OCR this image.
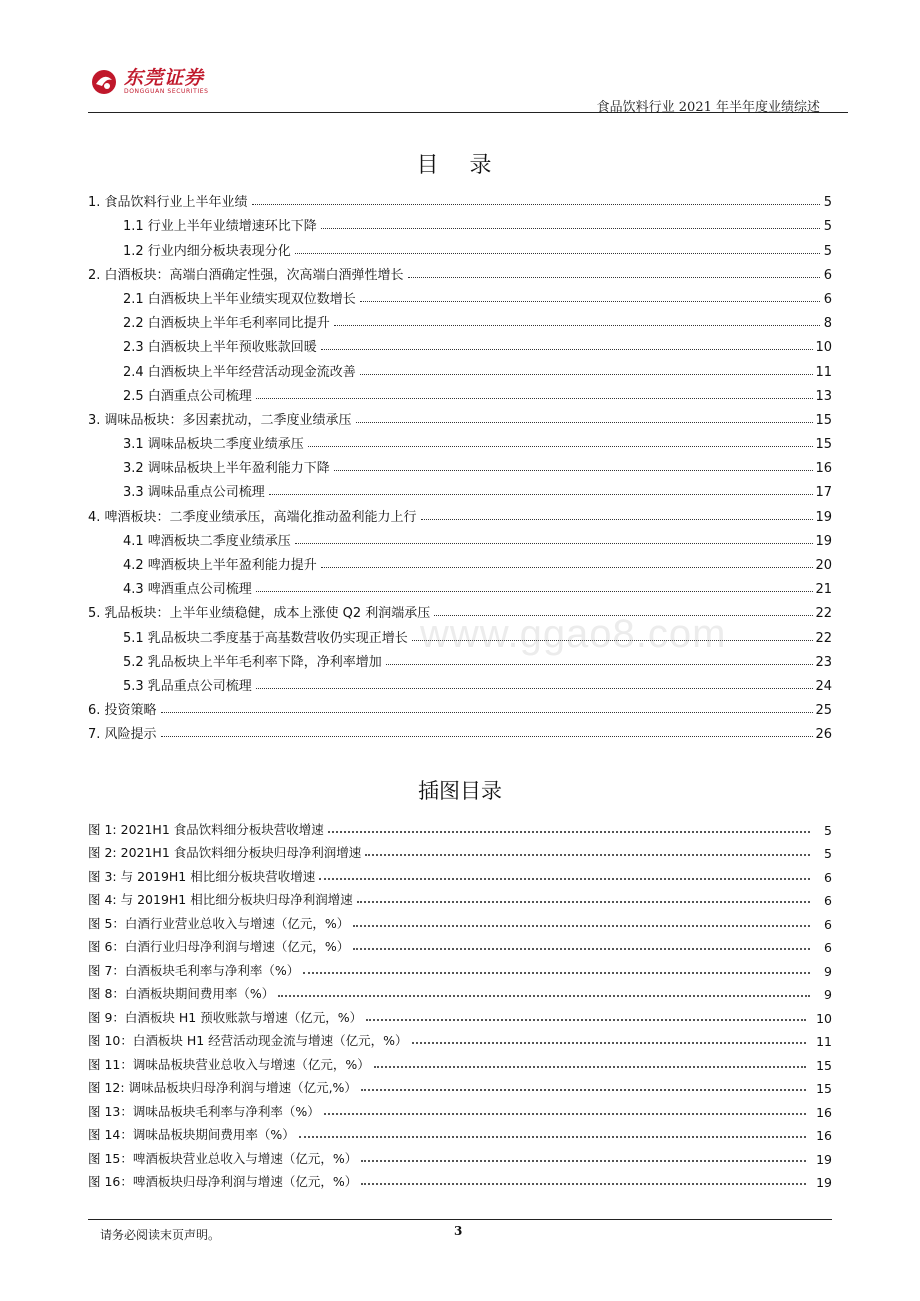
东莞证券
DONGGUAN SECURITIES
食品饮料行业 2021 年半年度业绩综述
目 录
1. 食品饮料行业上半年业绩	5
1.1 行业上半年业绩增速环比下降	5
1.2 行业内细分板块表现分化	5
2. 白酒板块：高端白酒确定性强，次高端白酒弹性增长	6
2.1 白酒板块上半年业绩实现双位数增长	6
2.2 白酒板块上半年毛利率同比提升	8
2.3 白酒板块上半年预收账款回暖	10
2.4 白酒板块上半年经营活动现金流改善	11
2.5 白酒重点公司梳理	13
3. 调味品板块：多因素扰动，二季度业绩承压	15
3.1 调味品板块二季度业绩承压	15
3.2 调味品板块上半年盈利能力下降	16
3.3 调味品重点公司梳理	17
4. 啤酒板块：二季度业绩承压，高端化推动盈利能力上行	19
4.1 啤酒板块二季度业绩承压	19
4.2 啤酒板块上半年盈利能力提升	20
4.3 啤酒重点公司梳理	21
5. 乳品板块：上半年业绩稳健，成本上涨使 Q2 利润端承压	22
5.1 乳品板块二季度基于高基数营收仍实现正增长	22
5.2 乳品板块上半年毛利率下降，净利率增加	23
5.3 乳品重点公司梳理	24
6. 投资策略	25
7. 风险提示	26
www.ggao8.com
插图目录
图 1: 2021H1 食品饮料细分板块营收增速	5
图 2: 2021H1 食品饮料细分板块归母净利润增速	5
图 3: 与 2019H1 相比细分板块营收增速	6
图 4: 与 2019H1 相比细分板块归母净利润增速	6
图 5：白酒行业营业总收入与增速（亿元，%）	6
图 6：白酒行业归母净利润与增速（亿元，%）	6
图 7：白酒板块毛利率与净利率（%）	9
图 8：白酒板块期间费用率（%）	9
图 9：白酒板块 H1 预收账款与增速（亿元，%）	10
图 10：白酒板块 H1 经营活动现金流与增速（亿元，%）	11
图 11：调味品板块营业总收入与增速（亿元，%）	15
图 12: 调味品板块归母净利润与增速（亿元,%）	15
图 13：调味品板块毛利率与净利率（%）	16
图 14：调味品板块期间费用率（%）	16
图 15：啤酒板块营业总收入与增速（亿元，%）	19
图 16：啤酒板块归母净利润与增速（亿元，%）	19
请务必阅读末页声明。	3
